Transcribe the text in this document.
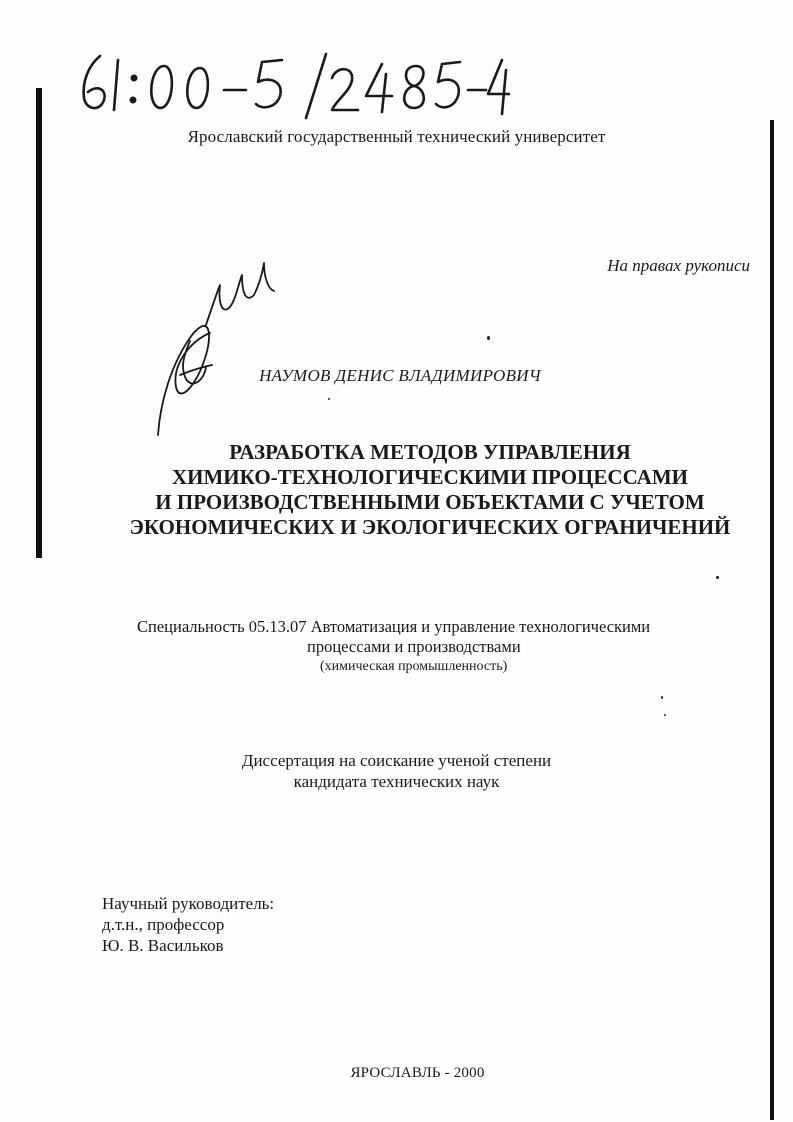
Ярославский государственный технический университет
На правах рукописи
НАУМОВ ДЕНИС ВЛАДИМИРОВИЧ
РАЗРАБОТКА МЕТОДОВ УПРАВЛЕНИЯ
ХИМИКО-ТЕХНОЛОГИЧЕСКИМИ ПРОЦЕССАМИ
И ПРОИЗВОДСТВЕННЫМИ ОБЪЕКТАМИ С УЧЕТОМ
ЭКОНОМИЧЕСКИХ И ЭКОЛОГИЧЕСКИХ ОГРАНИЧЕНИЙ
Специальность 05.13.07 Автоматизация и управление технологическими
процессами и производствами
(химическая промышленность)
Диссертация на соискание ученой степени
кандидата технических наук
Научный руководитель:
д.т.н., профессор
Ю. В. Васильков
ЯРОСЛАВЛЬ - 2000
